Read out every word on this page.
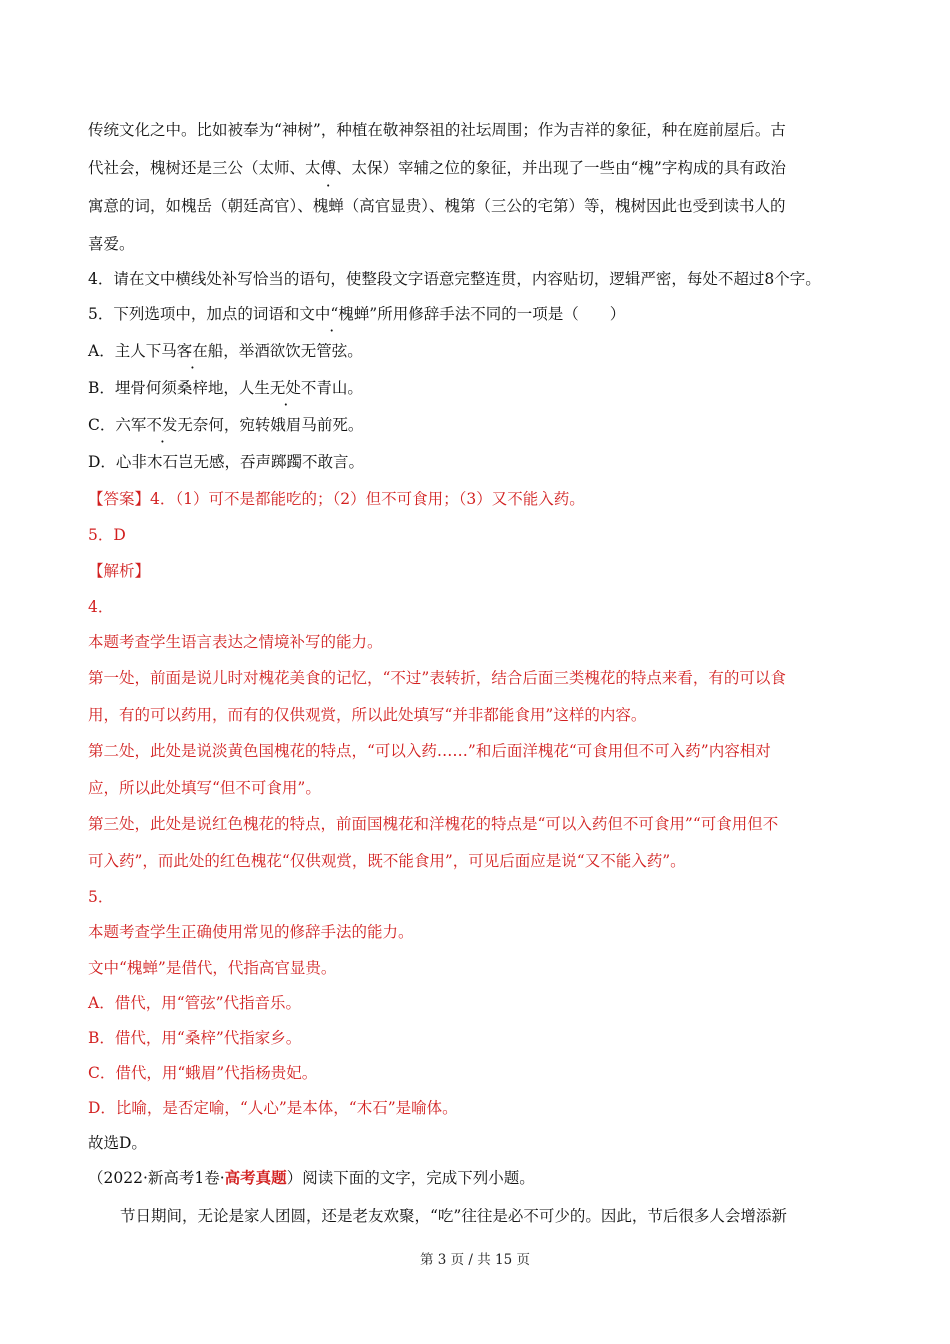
传统文化之中。比如被奉为“神树”，种植在敬神祭祖的社坛周围；作为吉祥的象征，种在庭前屋后。古
代社会，槐树还是三公（太师、太傅、太保）宰辅之位的象征，并出现了一些由“槐”字构成的具有政治
寓意的词，如槐岳（朝廷高官）、槐蝉（高官显贵）、槐第（三公的宅第）等，槐树因此也受到读书人的
喜爱。
4．请在文中横线处补写恰当的语句，使整段文字语意完整连贯，内容贴切，逻辑严密，每处不超过8个字。
5．下列选项中，加点的词语和文中“槐蝉”所用修辞手法不同的一项是（　　）
A．主人下马客在船，举酒欲饮无管弦。
B．埋骨何须桑梓地，人生无处不青山。
C．六军不发无奈何，宛转娥眉马前死。
D．心非木石岂无感，吞声踯躅不敢言。
【答案】4．（1）可不是都能吃的；（2）但不可食用；（3）又不能入药。
5．D
【解析】
4．
本题考查学生语言表达之情境补写的能力。
第一处，前面是说儿时对槐花美食的记忆，“不过”表转折，结合后面三类槐花的特点来看，有的可以食
用，有的可以药用，而有的仅供观赏，所以此处填写“并非都能食用”这样的内容。
第二处，此处是说淡黄色国槐花的特点，“可以入药……”和后面洋槐花“可食用但不可入药”内容相对
应，所以此处填写“但不可食用”。
第三处，此处是说红色槐花的特点，前面国槐花和洋槐花的特点是“可以入药但不可食用”“可食用但不
可入药”，而此处的红色槐花“仅供观赏，既不能食用”，可见后面应是说“又不能入药”。
5．
本题考查学生正确使用常见的修辞手法的能力。
文中“槐蝉”是借代，代指高官显贵。
A．借代，用“管弦”代指音乐。
B．借代，用“桑梓”代指家乡。
C．借代，用“蛾眉”代指杨贵妃。
D．比喻，是否定喻，“人心”是本体，“木石”是喻体。
故选D。
（2022·新高考1卷·高考真题）阅读下面的文字，完成下列小题。
节日期间，无论是家人团圆，还是老友欢聚，“吃”往往是必不可少的。因此，节后很多人会增添新
第 3 页 / 共 15 页
